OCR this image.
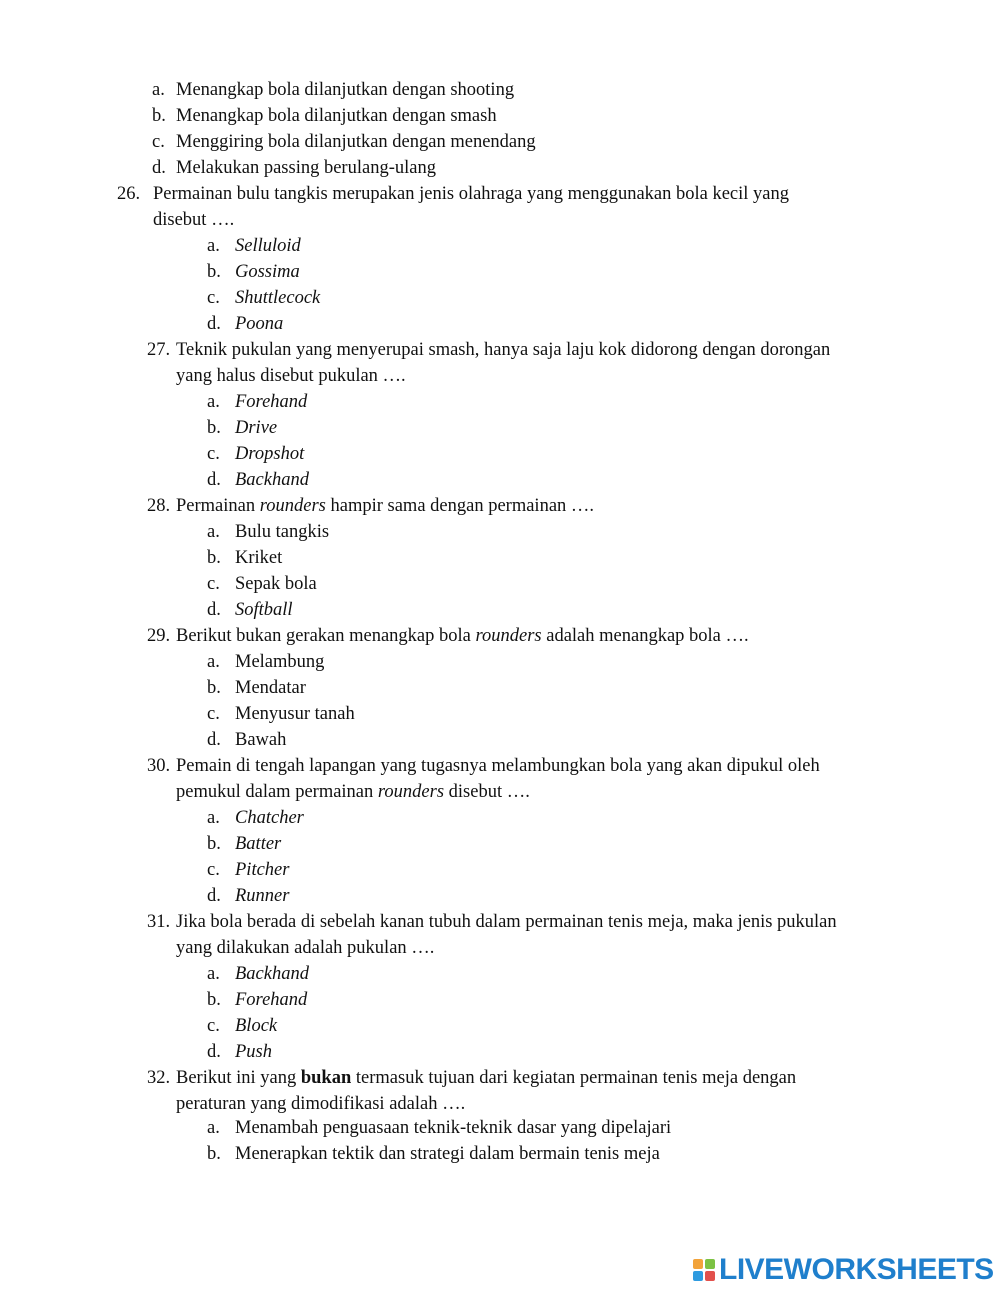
a. Menangkap bola dilanjutkan dengan shooting
b. Menangkap bola dilanjutkan dengan smash
c. Menggiring bola dilanjutkan dengan menendang
d. Melakukan passing berulang-ulang
26. Permainan bulu tangkis merupakan jenis olahraga yang menggunakan bola kecil yang
disebut ….
a. Selluloid
b. Gossima
c. Shuttlecock
d. Poona
27. Teknik pukulan yang menyerupai smash, hanya saja laju kok didorong dengan dorongan
yang halus disebut pukulan ….
a. Forehand
b. Drive
c. Dropshot
d. Backhand
28. Permainan rounders hampir sama dengan permainan ….
a. Bulu tangkis
b. Kriket
c. Sepak bola
d. Softball
29. Berikut bukan gerakan menangkap bola rounders adalah menangkap bola ….
a. Melambung
b. Mendatar
c. Menyusur tanah
d. Bawah
30. Pemain di tengah lapangan yang tugasnya melambungkan bola yang akan dipukul oleh
pemukul dalam permainan rounders disebut ….
a. Chatcher
b. Batter
c. Pitcher
d. Runner
31. Jika bola berada di sebelah kanan tubuh dalam permainan tenis meja, maka jenis pukulan
yang dilakukan adalah pukulan ….
a. Backhand
b. Forehand
c. Block
d. Push
32. Berikut ini yang bukan termasuk tujuan dari kegiatan permainan tenis meja dengan
peraturan yang dimodifikasi adalah ….
a. Menambah penguasaan teknik-teknik dasar yang dipelajari
b. Menerapkan tektik dan strategi dalam bermain tenis meja
LIVEWORKSHEETS
